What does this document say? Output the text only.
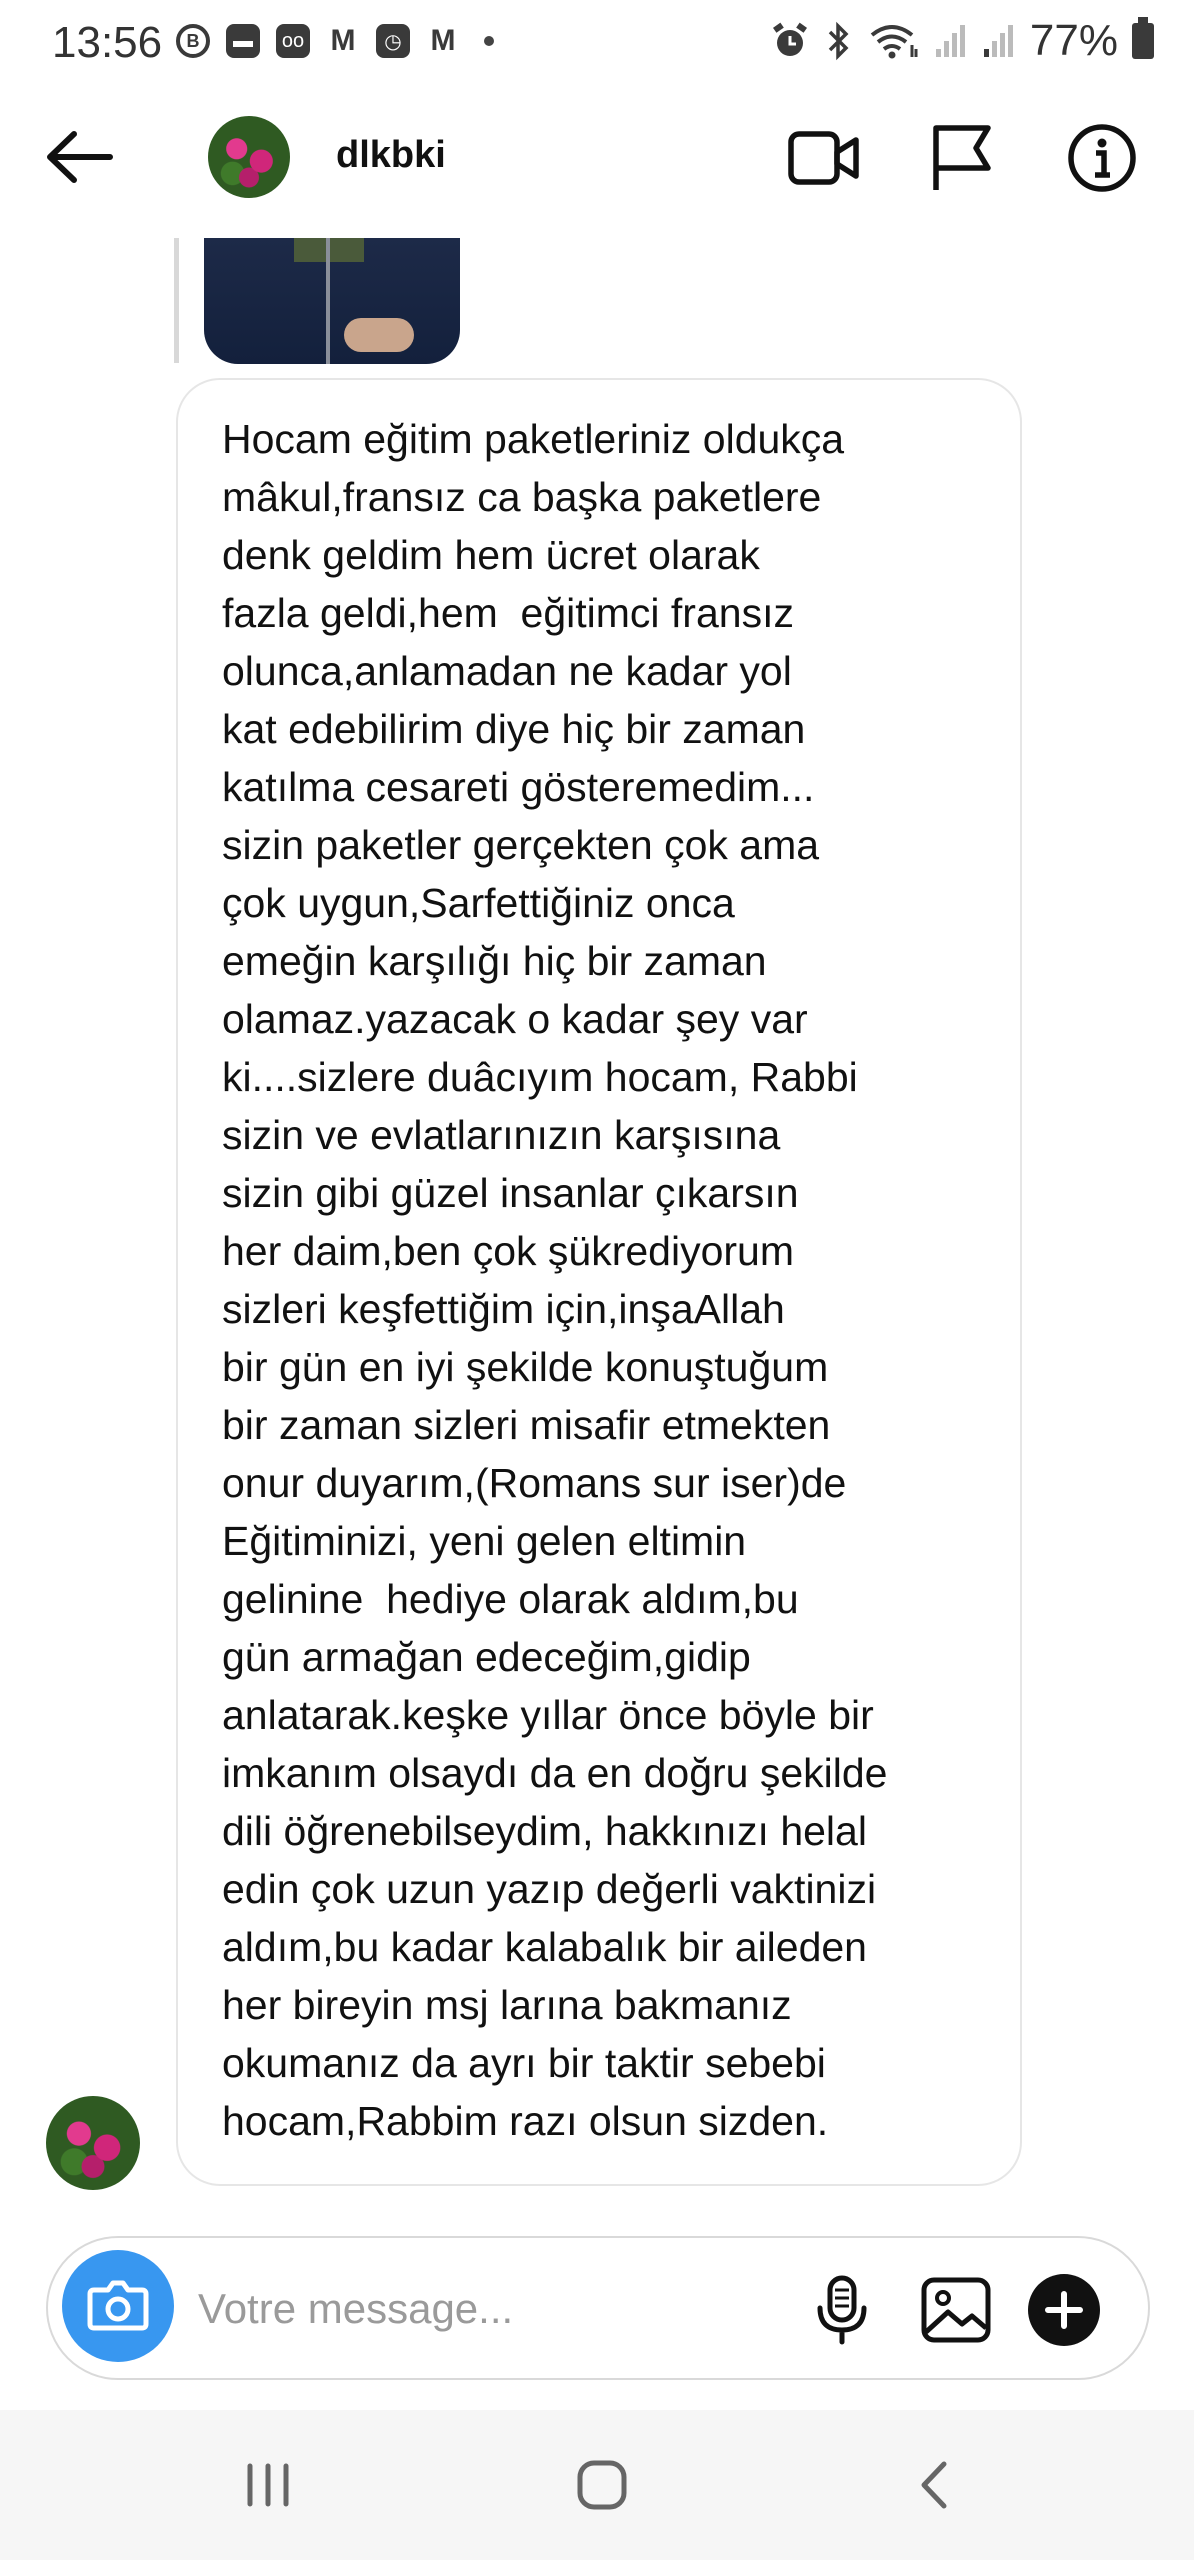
13:56	B	▬	oo M	◷ M	77%
dlkbki

Hocam eğitim paketleriniz oldukça
mâkul,fransız ca başka paketlere
denk geldim hem ücret olarak
fazla geldi,hem  eğitimci fransız
olunca,anlamadan ne kadar yol
kat edebilirim diye hiç bir zaman
katılma cesareti gösteremedim...
sizin paketler gerçekten çok ama
çok uygun,Sarfettiğiniz onca
emeğin karşılığı hiç bir zaman
olamaz.yazacak o kadar şey var
ki....sizlere duâcıyım hocam, Rabbi
sizin ve evlatlarınızın karşısına
sizin gibi güzel insanlar çıkarsın
her daim,ben çok şükrediyorum
sizleri keşfettiğim için,inşaAllah
bir gün en iyi şekilde konuştuğum
bir zaman sizleri misafir etmekten
onur duyarım,(Romans sur iser)de
Eğitiminizi, yeni gelen eltimin
gelinine  hediye olarak aldım,bu
gün armağan edeceğim,gidip
anlatarak.keşke yıllar önce böyle bir
imkanım olsaydı da en doğru şekilde
dili öğrenebilseydim, hakkınızı helal
edin çok uzun yazıp değerli vaktinizi
aldım,bu kadar kalabalık bir aileden
her bireyin msj larına bakmanız
okumanız da ayrı bir taktir sebebi
hocam,Rabbim razı olsun sizden.

Votre message...
